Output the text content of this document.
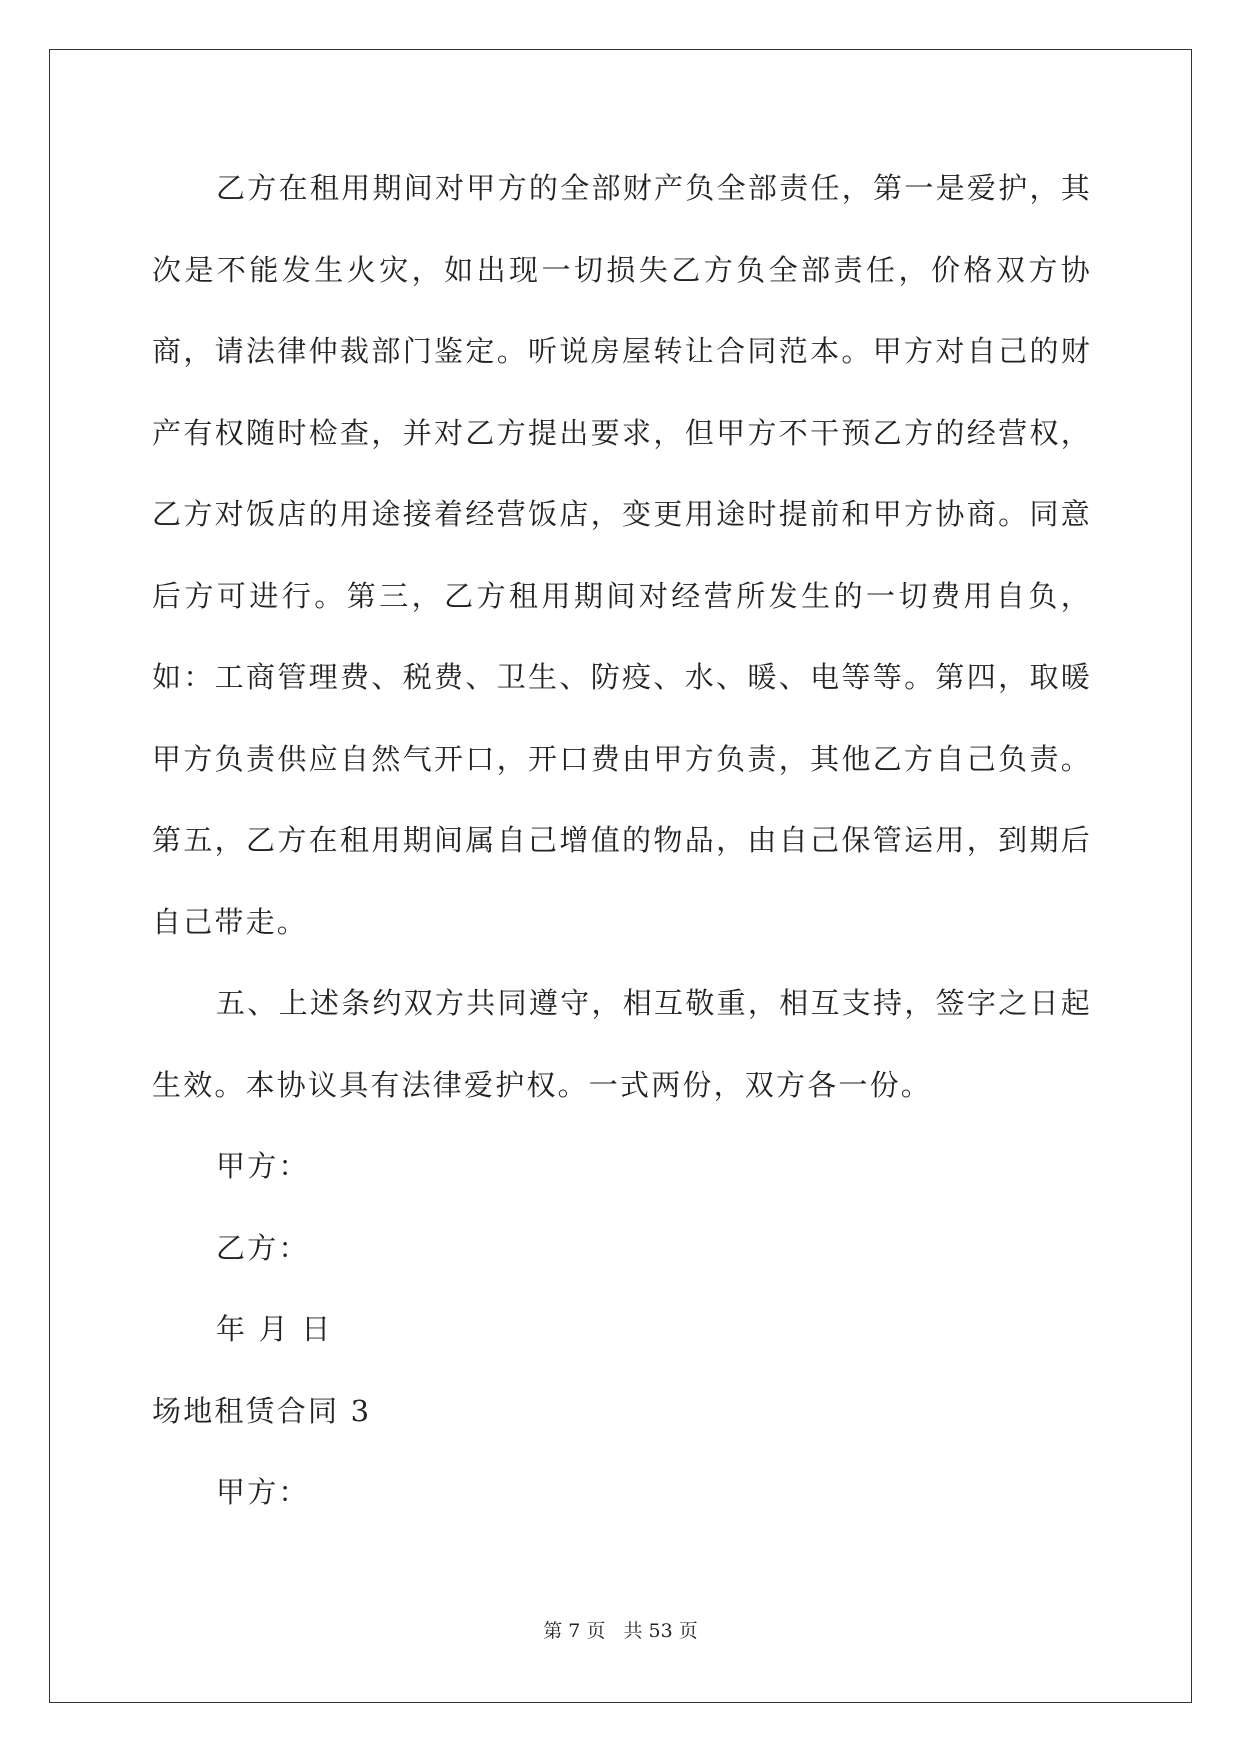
乙方在租用期间对甲方的全部财产负全部责任，第一是爱护，其次是不能发生火灾，如出现一切损失乙方负全部责任，价格双方协商，请法律仲裁部门鉴定。听说房屋转让合同范本。甲方对自己的财产有权随时检查，并对乙方提出要求，但甲方不干预乙方的经营权，乙方对饭店的用途接着经营饭店，变更用途时提前和甲方协商。同意后方可进行。第三，乙方租用期间对经营所发生的一切费用自负，如：工商管理费、税费、卫生、防疫、水、暖、电等等。第四，取暖甲方负责供应自然气开口，开口费由甲方负责，其他乙方自己负责。第五，乙方在租用期间属自己增值的物品，由自己保管运用，到期后自己带走。

五、上述条约双方共同遵守，相互敬重，相互支持，签字之日起生效。本协议具有法律爱护权。一式两份，双方各一份。

甲方：

乙方：

年 月 日

场地租赁合同 3

甲方：

第 7 页   共 53 页
